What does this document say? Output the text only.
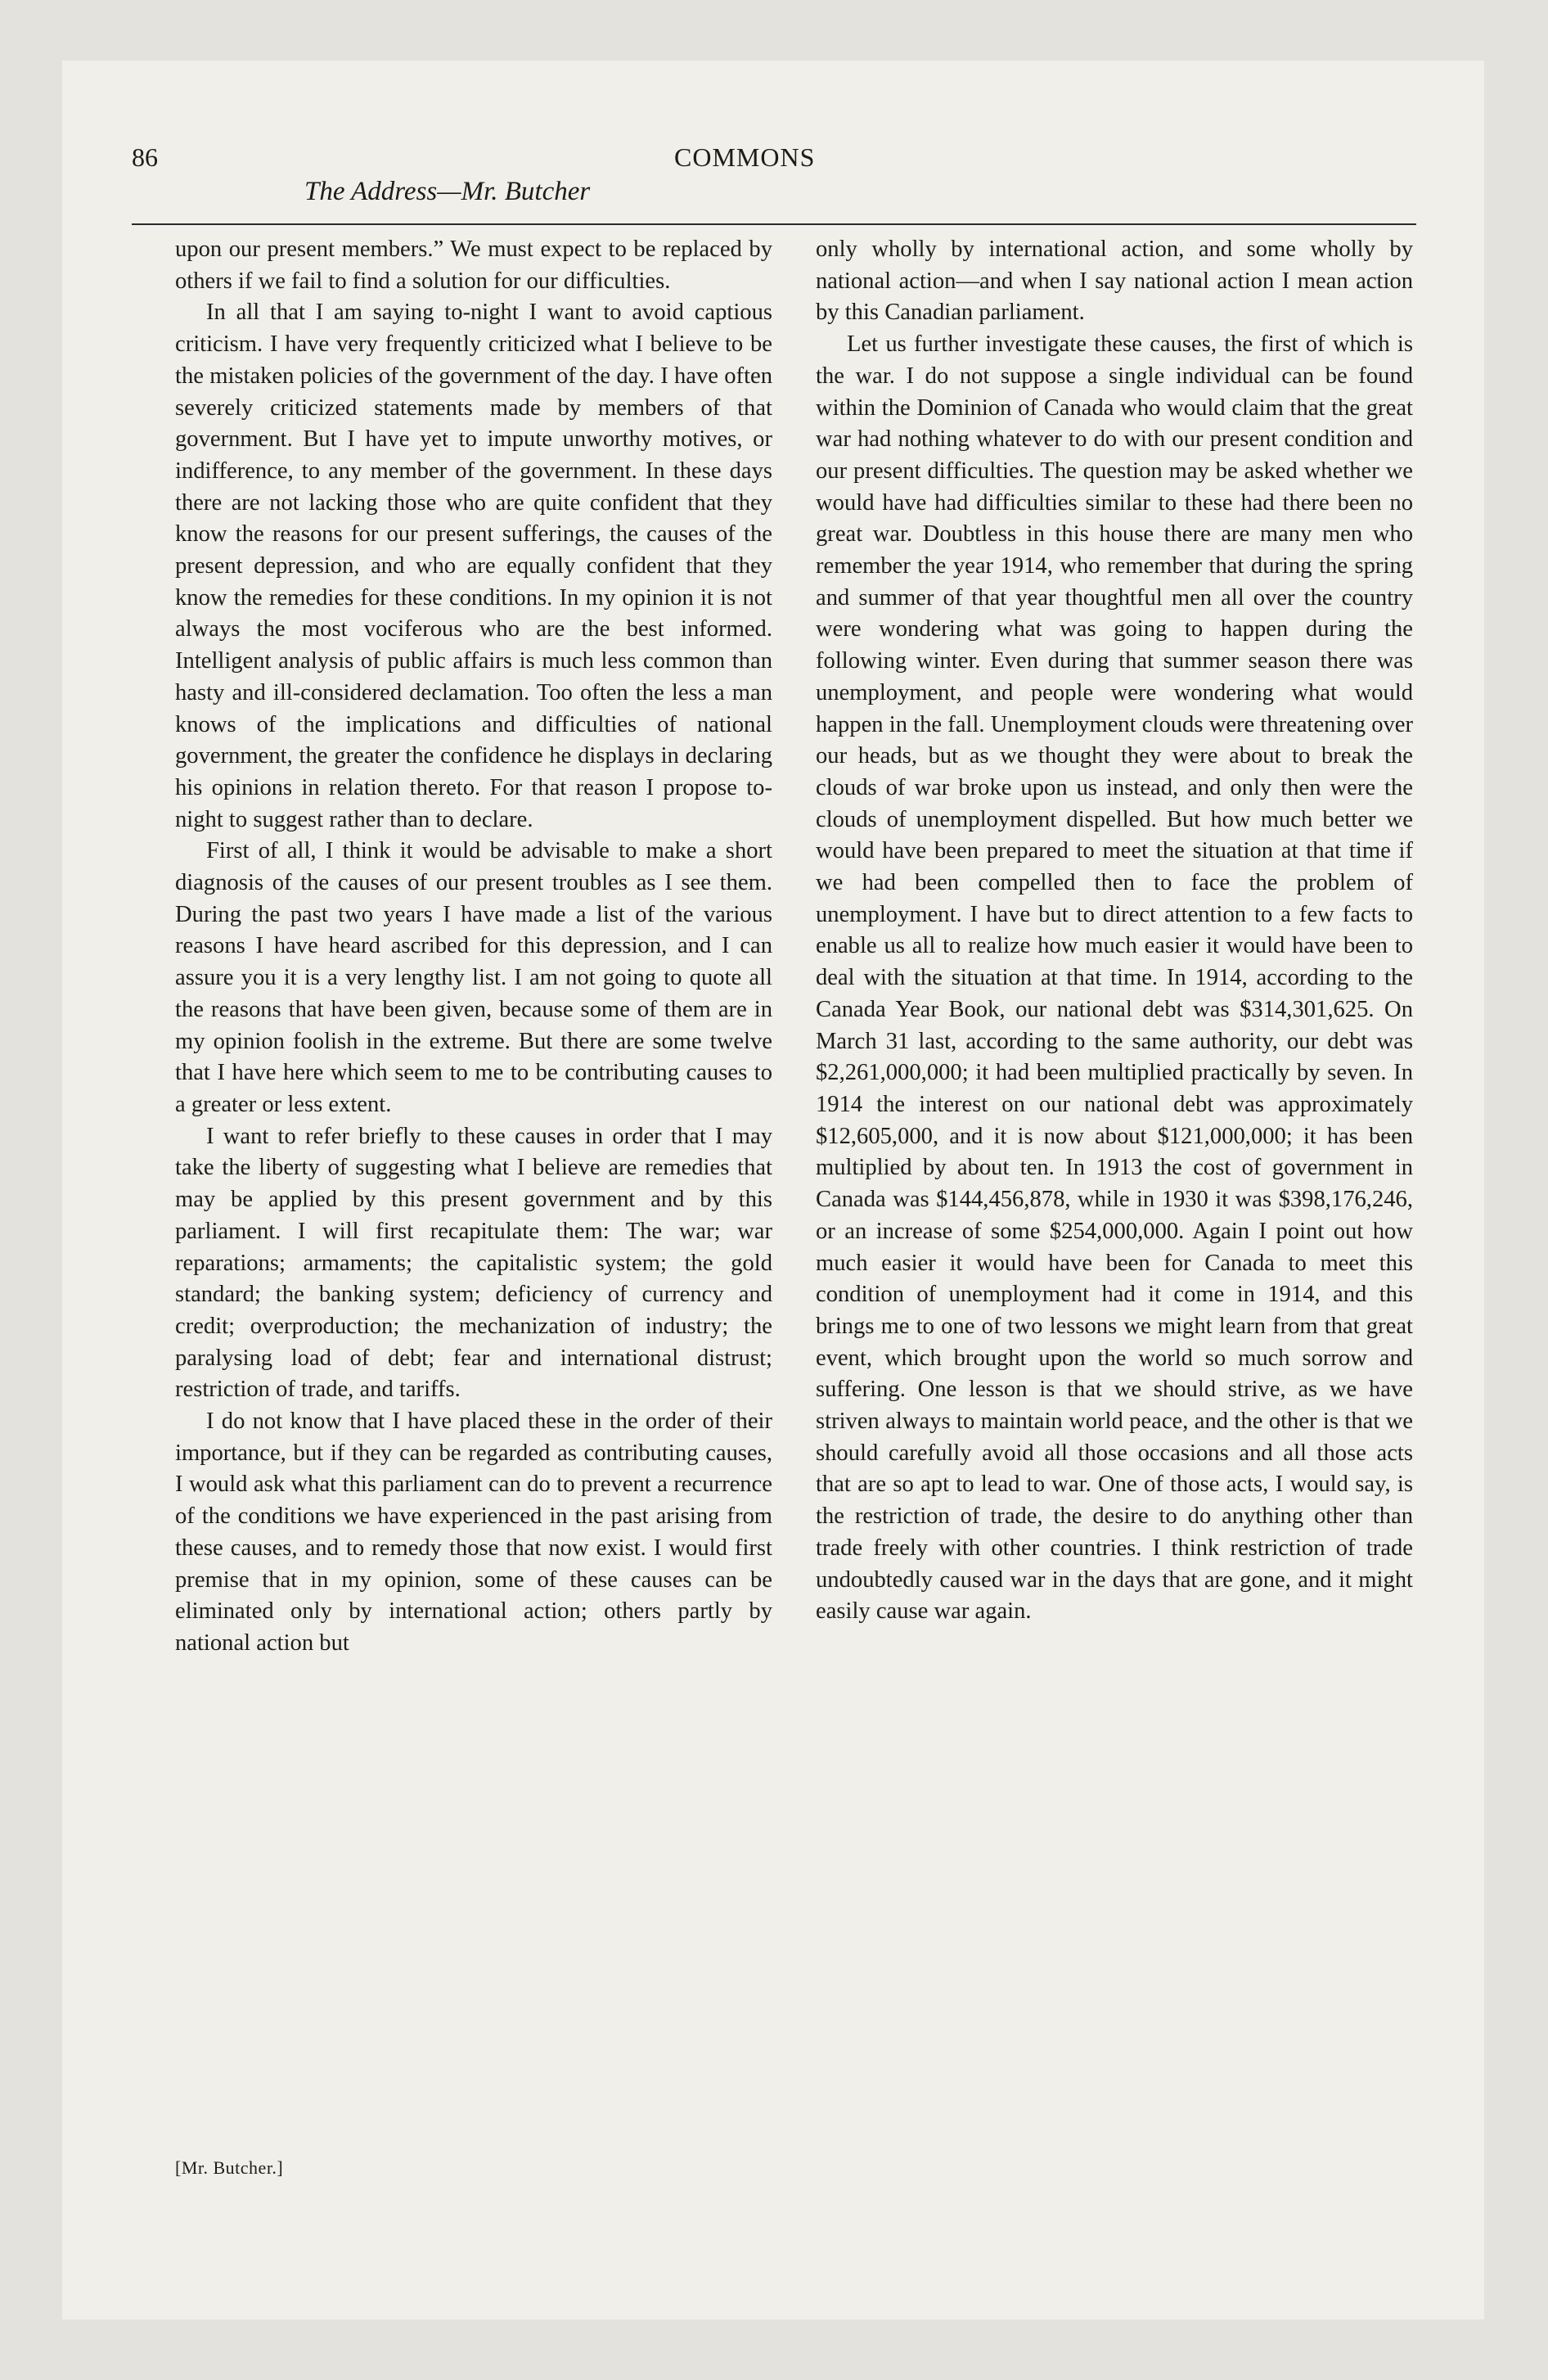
86	COMMONS
The Address—Mr. Butcher

upon our present members.” We must expect to be replaced by others if we fail to find a solution for our difficulties.

In all that I am saying to-night I want to avoid captious criticism. I have very frequently criticized what I believe to be the mistaken policies of the government of the day. I have often severely criticized statements made by members of that government. But I have yet to impute unworthy motives, or indifference, to any member of the government. In these days there are not lacking those who are quite confident that they know the reasons for our present sufferings, the causes of the present depression, and who are equally confident that they know the remedies for these conditions. In my opinion it is not always the most vociferous who are the best informed. Intelligent analysis of public affairs is much less common than hasty and ill-considered declamation. Too often the less a man knows of the implications and difficulties of national government, the greater the confidence he displays in declaring his opinions in relation thereto. For that reason I propose to-night to suggest rather than to declare.

First of all, I think it would be advisable to make a short diagnosis of the causes of our present troubles as I see them. During the past two years I have made a list of the various reasons I have heard ascribed for this depression, and I can assure you it is a very lengthy list. I am not going to quote all the reasons that have been given, because some of them are in my opinion foolish in the extreme. But there are some twelve that I have here which seem to me to be contributing causes to a greater or less extent.

I want to refer briefly to these causes in order that I may take the liberty of suggesting what I believe are remedies that may be applied by this present government and by this parliament. I will first recapitulate them: The war; war reparations; armaments; the capitalistic system; the gold standard; the banking system; deficiency of currency and credit; overproduction; the mechanization of industry; the paralysing load of debt; fear and international distrust; restriction of trade, and tariffs.

I do not know that I have placed these in the order of their importance, but if they can be regarded as contributing causes, I would ask what this parliament can do to prevent a recurrence of the conditions we have experienced in the past arising from these causes, and to remedy those that now exist. I would first premise that in my opinion, some of these causes can be eliminated only by international action; others partly by national action but

[Mr. Butcher.]

only wholly by international action, and some wholly by national action—and when I say national action I mean action by this Canadian parliament.

Let us further investigate these causes, the first of which is the war. I do not suppose a single individual can be found within the Dominion of Canada who would claim that the great war had nothing whatever to do with our present condition and our present difficulties. The question may be asked whether we would have had difficulties similar to these had there been no great war. Doubtless in this house there are many men who remember the year 1914, who remember that during the spring and summer of that year thoughtful men all over the country were wondering what was going to happen during the following winter. Even during that summer season there was unemployment, and people were wondering what would happen in the fall. Unemployment clouds were threatening over our heads, but as we thought they were about to break the clouds of war broke upon us instead, and only then were the clouds of unemployment dispelled. But how much better we would have been prepared to meet the situation at that time if we had been compelled then to face the problem of unemployment. I have but to direct attention to a few facts to enable us all to realize how much easier it would have been to deal with the situation at that time. In 1914, according to the Canada Year Book, our national debt was $314,301,625. On March 31 last, according to the same authority, our debt was $2,261,000,000; it had been multiplied practically by seven. In 1914 the interest on our national debt was approximately $12,605,000, and it is now about $121,000,000; it has been multiplied by about ten. In 1913 the cost of government in Canada was $144,456,878, while in 1930 it was $398,176,246, or an increase of some $254,000,000. Again I point out how much easier it would have been for Canada to meet this condition of unemployment had it come in 1914, and this brings me to one of two lessons we might learn from that great event, which brought upon the world so much sorrow and suffering. One lesson is that we should strive, as we have striven always to maintain world peace, and the other is that we should carefully avoid all those occasions and all those acts that are so apt to lead to war. One of those acts, I would say, is the restriction of trade, the desire to do anything other than trade freely with other countries. I think restriction of trade undoubtedly caused war in the days that are gone, and it might easily cause war again.
